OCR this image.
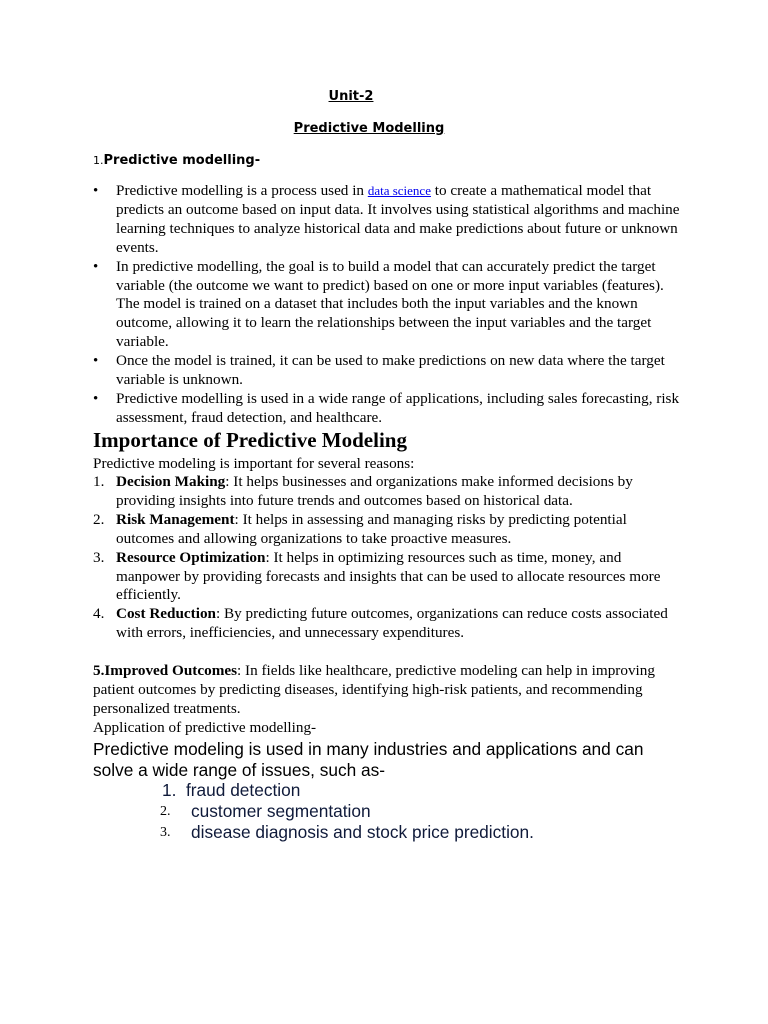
Unit-2
Predictive Modelling
1.Predictive modelling-
• Predictive modelling is a process used in data science to create a mathematical model that predicts an outcome based on input data. It involves using statistical algorithms and machine learning techniques to analyze historical data and make predictions about future or unknown events.
• In predictive modelling, the goal is to build a model that can accurately predict the target variable (the outcome we want to predict) based on one or more input variables (features). The model is trained on a dataset that includes both the input variables and the known outcome, allowing it to learn the relationships between the input variables and the target variable.
• Once the model is trained, it can be used to make predictions on new data where the target variable is unknown.
• Predictive modelling is used in a wide range of applications, including sales forecasting, risk assessment, fraud detection, and healthcare.
Importance of Predictive Modeling
Predictive modeling is important for several reasons:
1. Decision Making: It helps businesses and organizations make informed decisions by providing insights into future trends and outcomes based on historical data.
2. Risk Management: It helps in assessing and managing risks by predicting potential outcomes and allowing organizations to take proactive measures.
3. Resource Optimization: It helps in optimizing resources such as time, money, and manpower by providing forecasts and insights that can be used to allocate resources more efficiently.
4. Cost Reduction: By predicting future outcomes, organizations can reduce costs associated with errors, inefficiencies, and unnecessary expenditures.
5.Improved Outcomes: In fields like healthcare, predictive modeling can help in improving patient outcomes by predicting diseases, identifying high-risk patients, and recommending personalized treatments.
Application of predictive modelling-
Predictive modeling is used in many industries and applications and can solve a wide range of issues, such as-
1. fraud detection
2. customer segmentation
3. disease diagnosis and stock price prediction.
